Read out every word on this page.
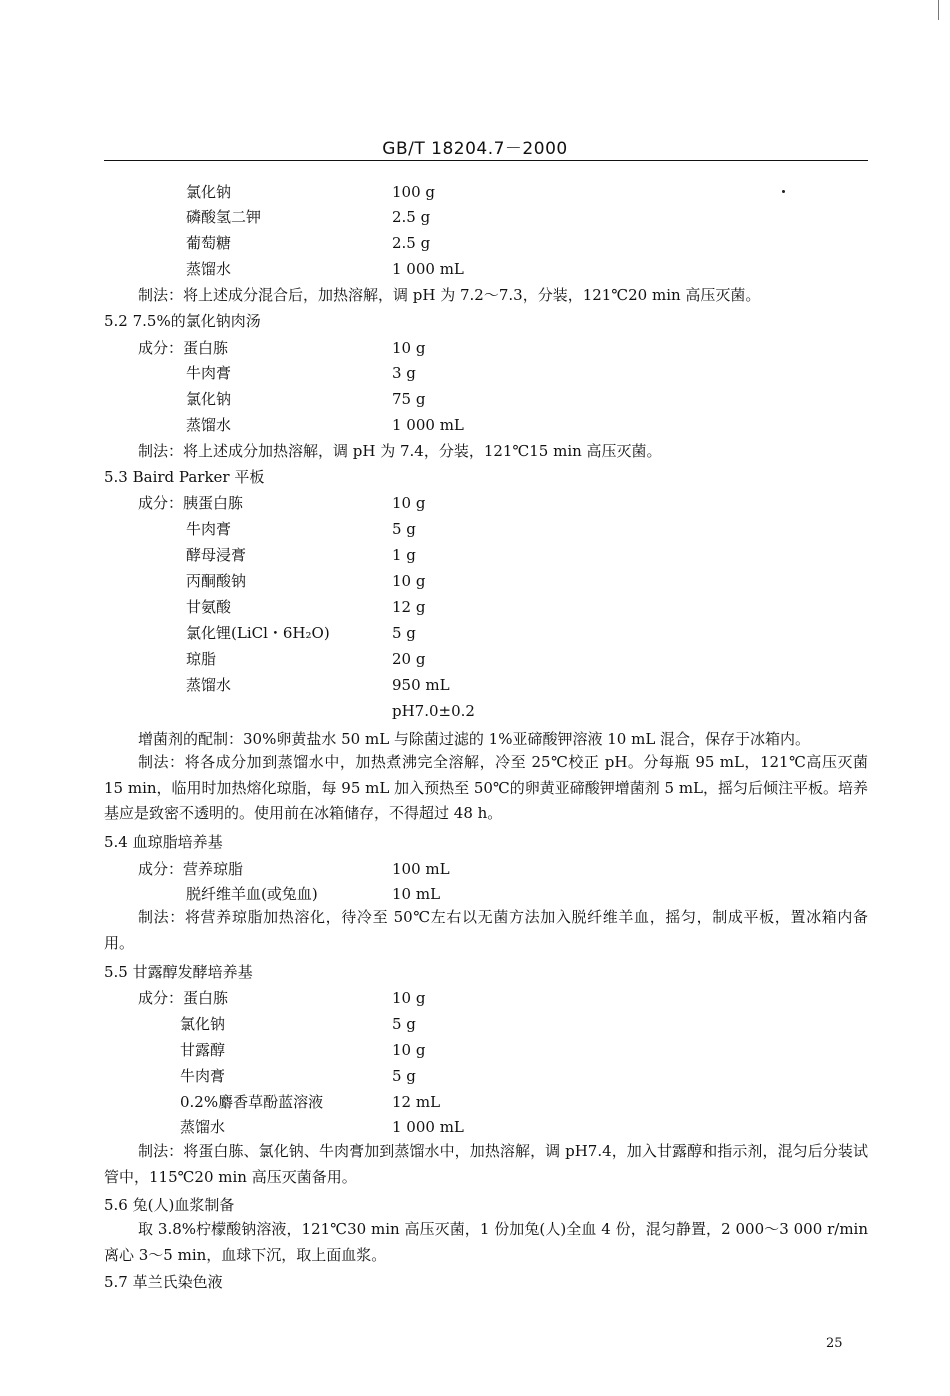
GB/T 18204.7－2000
氯化钠	100 g
磷酸氢二钾	2.5 g
葡萄糖	2.5 g
蒸馏水	1 000 mL
制法：将上述成分混合后，加热溶解，调 pH 为 7.2～7.3，分装，121℃20 min 高压灭菌。
5.2 7.5%的氯化钠肉汤
成分：蛋白胨	10 g
牛肉膏	3 g
氯化钠	75 g
蒸馏水	1 000 mL
制法：将上述成分加热溶解，调 pH 为 7.4，分装，121℃15 min 高压灭菌。
5.3 Baird Parker 平板
成分：胰蛋白胨	10 g
牛肉膏	5 g
酵母浸膏	1 g
丙酮酸钠	10 g
甘氨酸	12 g
氯化锂(LiCl・6H₂O)	5 g
琼脂	20 g
蒸馏水	950 mL
pH7.0±0.2
增菌剂的配制：30%卵黄盐水 50 mL 与除菌过滤的 1%亚碲酸钾溶液 10 mL 混合，保存于冰箱内。
制法：将各成分加到蒸馏水中，加热煮沸完全溶解，冷至 25℃校正 pH。分每瓶 95 mL，121℃高压灭菌 15 min，临用时加热熔化琼脂，每 95 mL 加入预热至 50℃的卵黄亚碲酸钾增菌剂 5 mL，摇匀后倾注平板。培养基应是致密不透明的。使用前在冰箱储存，不得超过 48 h。
5.4 血琼脂培养基
成分：营养琼脂	100 mL
脱纤维羊血(或兔血)	10 mL
制法：将营养琼脂加热溶化，待冷至 50℃左右以无菌方法加入脱纤维羊血，摇匀，制成平板，置冰箱内备用。
5.5 甘露醇发酵培养基
成分：蛋白胨	10 g
氯化钠	5 g
甘露醇	10 g
牛肉膏	5 g
0.2%麝香草酚蓝溶液	12 mL
蒸馏水	1 000 mL
制法：将蛋白胨、氯化钠、牛肉膏加到蒸馏水中，加热溶解，调 pH7.4，加入甘露醇和指示剂，混匀后分装试管中，115℃20 min 高压灭菌备用。
5.6 兔(人)血浆制备
取 3.8%柠檬酸钠溶液，121℃30 min 高压灭菌，1 份加兔(人)全血 4 份，混匀静置，2 000～3 000 r/min离心 3～5 min，血球下沉，取上面血浆。
5.7 革兰氏染色液
25
